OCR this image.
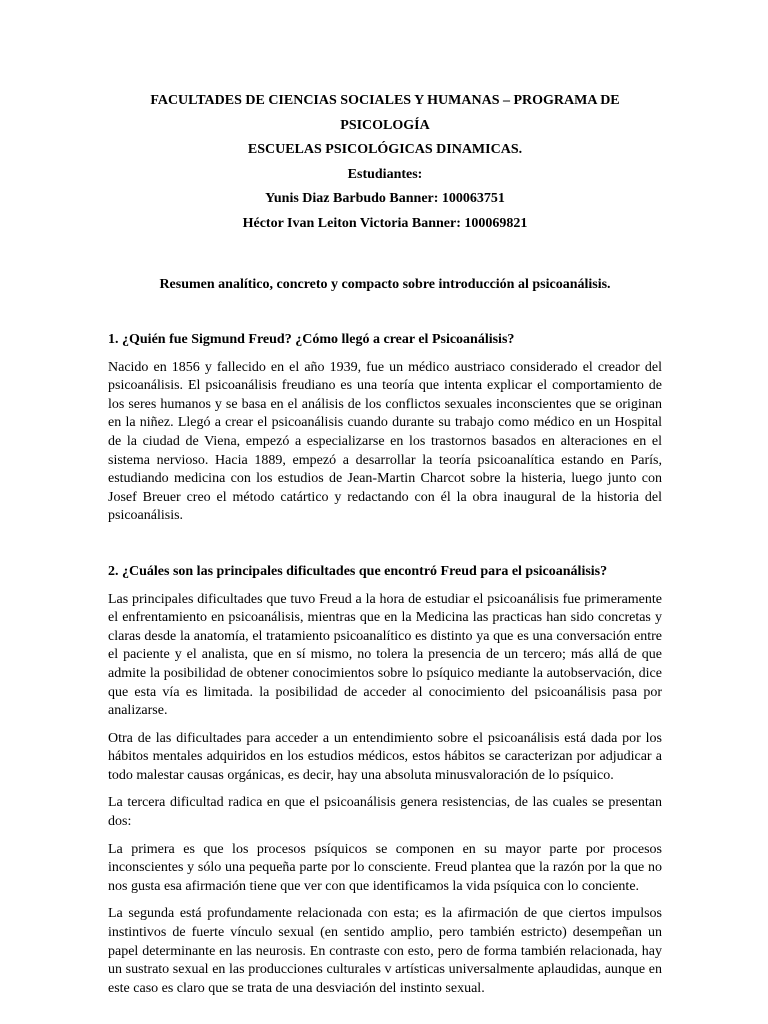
FACULTADES DE CIENCIAS SOCIALES Y HUMANAS – PROGRAMA DE
PSICOLOGÍA
ESCUELAS PSICOLÓGICAS DINAMICAS.
Estudiantes:
Yunis Diaz Barbudo Banner: 100063751
Héctor Ivan Leiton Victoria Banner: 100069821
Resumen analítico, concreto y compacto sobre introducción al psicoanálisis.
1. ¿Quién fue Sigmund Freud? ¿Cómo llegó a crear el Psicoanálisis?

Nacido en 1856 y fallecido en el año 1939, fue un médico austriaco considerado el creador del psicoanálisis. El psicoanálisis freudiano es una teoría que intenta explicar el comportamiento de los seres humanos y se basa en el análisis de los conflictos sexuales inconscientes que se originan en la niñez. Llegó a crear el psicoanálisis cuando durante su trabajo como médico en un Hospital de la ciudad de Viena, empezó a especializarse en los trastornos basados en alteraciones en el sistema nervioso. Hacia 1889, empezó a desarrollar la teoría psicoanalítica estando en París, estudiando medicina con los estudios de Jean-Martin Charcot sobre la histeria, luego junto con Josef Breuer creo el método catártico y redactando con él la obra inaugural de la historia del psicoanálisis.

2. ¿Cuáles son las principales dificultades que encontró Freud para el psicoanálisis?

Las principales dificultades que tuvo Freud a la hora de estudiar el psicoanálisis fue primeramente el enfrentamiento en psicoanálisis, mientras que en la Medicina las practicas han sido concretas y claras desde la anatomía, el tratamiento psicoanalítico es distinto ya que es una conversación entre el paciente y el analista, que en sí mismo, no tolera la presencia de un tercero; más allá de que admite la posibilidad de obtener conocimientos sobre lo psíquico mediante la autobservación, dice que esta vía es limitada. la posibilidad de acceder al conocimiento del psicoanálisis pasa por analizarse.

Otra de las dificultades para acceder a un entendimiento sobre el psicoanálisis está dada por los hábitos mentales adquiridos en los estudios médicos, estos hábitos se caracterizan por adjudicar a todo malestar causas orgánicas, es decir, hay una absoluta minusvaloración de lo psíquico.

La tercera dificultad radica en que el psicoanálisis genera resistencias, de las cuales se presentan dos:

La primera es que los procesos psíquicos se componen en su mayor parte por procesos inconscientes y sólo una pequeña parte por lo consciente. Freud plantea que la razón por la que no nos gusta esa afirmación tiene que ver con que identificamos la vida psíquica con lo conciente.

La segunda está profundamente relacionada con esta; es la afirmación de que ciertos impulsos instintivos de fuerte vínculo sexual (en sentido amplio, pero también estricto) desempeñan un papel determinante en las neurosis. En contraste con esto, pero de forma también relacionada, hay un sustrato sexual en las producciones culturales v artísticas universalmente aplaudidas, aunque en este caso es claro que se trata de una desviación del instinto sexual.
